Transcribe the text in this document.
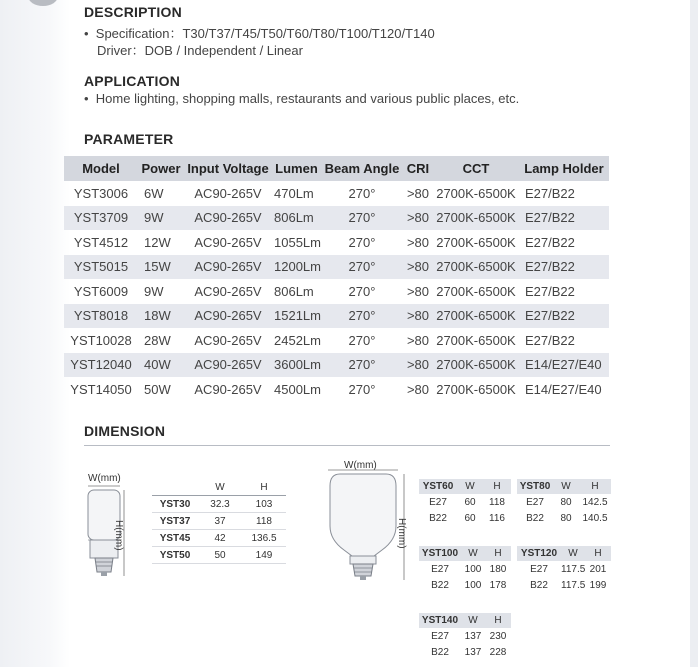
DESCRIPTION
•  Specification：T30/T37/T45/T50/T60/T80/T100/T120/T140
Driver：DOB / Independent / Linear
APPLICATION
•  Home lighting, shopping malls, restaurants and various public places, etc.
PARAMETER
Model	Power	Input Voltage	Lumen	Beam Angle	CRI	CCT	Lamp Holder
YST3006	6W	AC90-265V	470Lm	270°	>80	2700K-6500K	E27/B22
YST3709	9W	AC90-265V	806Lm	270°	>80	2700K-6500K	E27/B22
YST4512	12W	AC90-265V	1055Lm	270°	>80	2700K-6500K	E27/B22
YST5015	15W	AC90-265V	1200Lm	270°	>80	2700K-6500K	E27/B22
YST6009	9W	AC90-265V	806Lm	270°	>80	2700K-6500K	E27/B22
YST8018	18W	AC90-265V	1521Lm	270°	>80	2700K-6500K	E27/B22
YST10028	28W	AC90-265V	2452Lm	270°	>80	2700K-6500K	E27/B22
YST12040	40W	AC90-265V	3600Lm	270°	>80	2700K-6500K	E14/E27/E40
YST14050	50W	AC90-265V	4500Lm	270°	>80	2700K-6500K	E14/E27/E40
DIMENSION
W(mm)
H(mm)
	W	H
YST30	32.3	103
YST37	37	118
YST45	42	136.5
YST50	50	149
W(mm)
H(mm)
YST60	W	H
E27	60	118
B22	60	116
YST80	W	H
E27	80	142.5
B22	80	140.5
YST100	W	H
E27	100 180
B22	100 178
YST120	W	H
E27	117.5 201
B22	117.5 199
YST140	W	H
E27	137 230
B22	137 228
